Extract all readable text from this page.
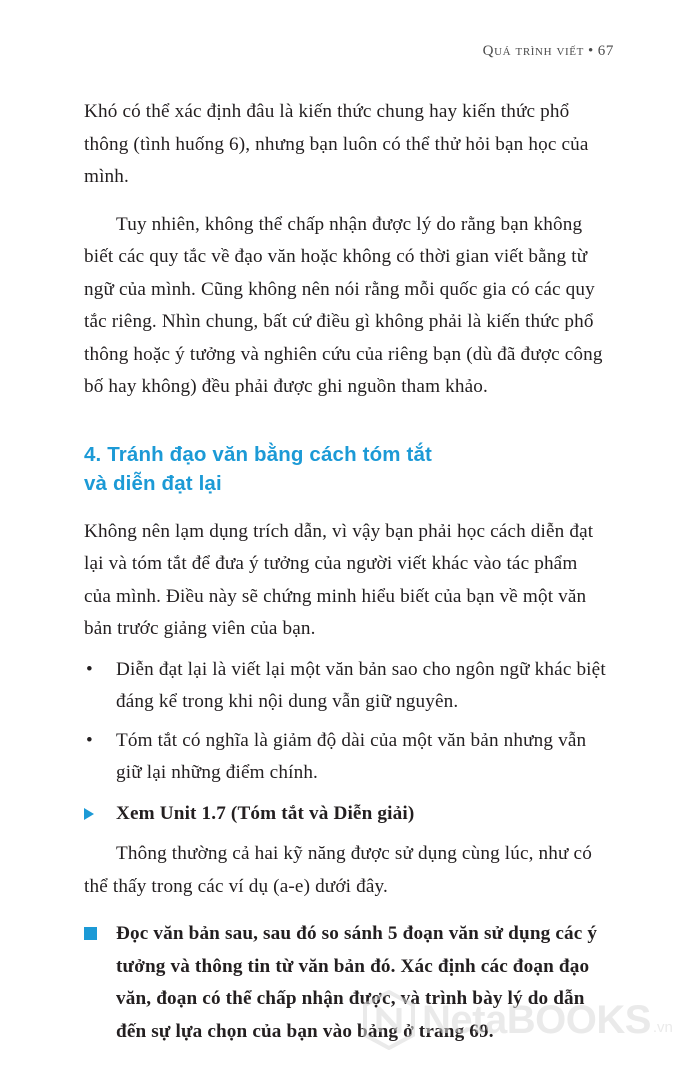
Quá trình viết • 67

Khó có thể xác định đâu là kiến thức chung hay kiến thức phổ thông (tình huống 6), nhưng bạn luôn có thể thử hỏi bạn học của mình.

Tuy nhiên, không thể chấp nhận được lý do rằng bạn không biết các quy tắc về đạo văn hoặc không có thời gian viết bằng từ ngữ của mình. Cũng không nên nói rằng mỗi quốc gia có các quy tắc riêng. Nhìn chung, bất cứ điều gì không phải là kiến thức phổ thông hoặc ý tưởng và nghiên cứu của riêng bạn (dù đã được công bố hay không) đều phải được ghi nguồn tham khảo.

4. Tránh đạo văn bằng cách tóm tắt
và diễn đạt lại

Không nên lạm dụng trích dẫn, vì vậy bạn phải học cách diễn đạt lại và tóm tắt để đưa ý tưởng của người viết khác vào tác phẩm của mình. Điều này sẽ chứng minh hiểu biết của bạn về một văn bản trước giảng viên của bạn.

• Diễn đạt lại là viết lại một văn bản sao cho ngôn ngữ khác biệt đáng kể trong khi nội dung vẫn giữ nguyên.
• Tóm tắt có nghĩa là giảm độ dài của một văn bản nhưng vẫn giữ lại những điểm chính.

Xem Unit 1.7 (Tóm tắt và Diễn giải)

Thông thường cả hai kỹ năng được sử dụng cùng lúc, như có thể thấy trong các ví dụ (a-e) dưới đây.

Đọc văn bản sau, sau đó so sánh 5 đoạn văn sử dụng các ý tưởng và thông tin từ văn bản đó. Xác định các đoạn đạo văn, đoạn có thể chấp nhận được, và trình bày lý do dẫn đến sự lựa chọn của bạn vào bảng ở trang 69.

NetaBOOKS .vn
